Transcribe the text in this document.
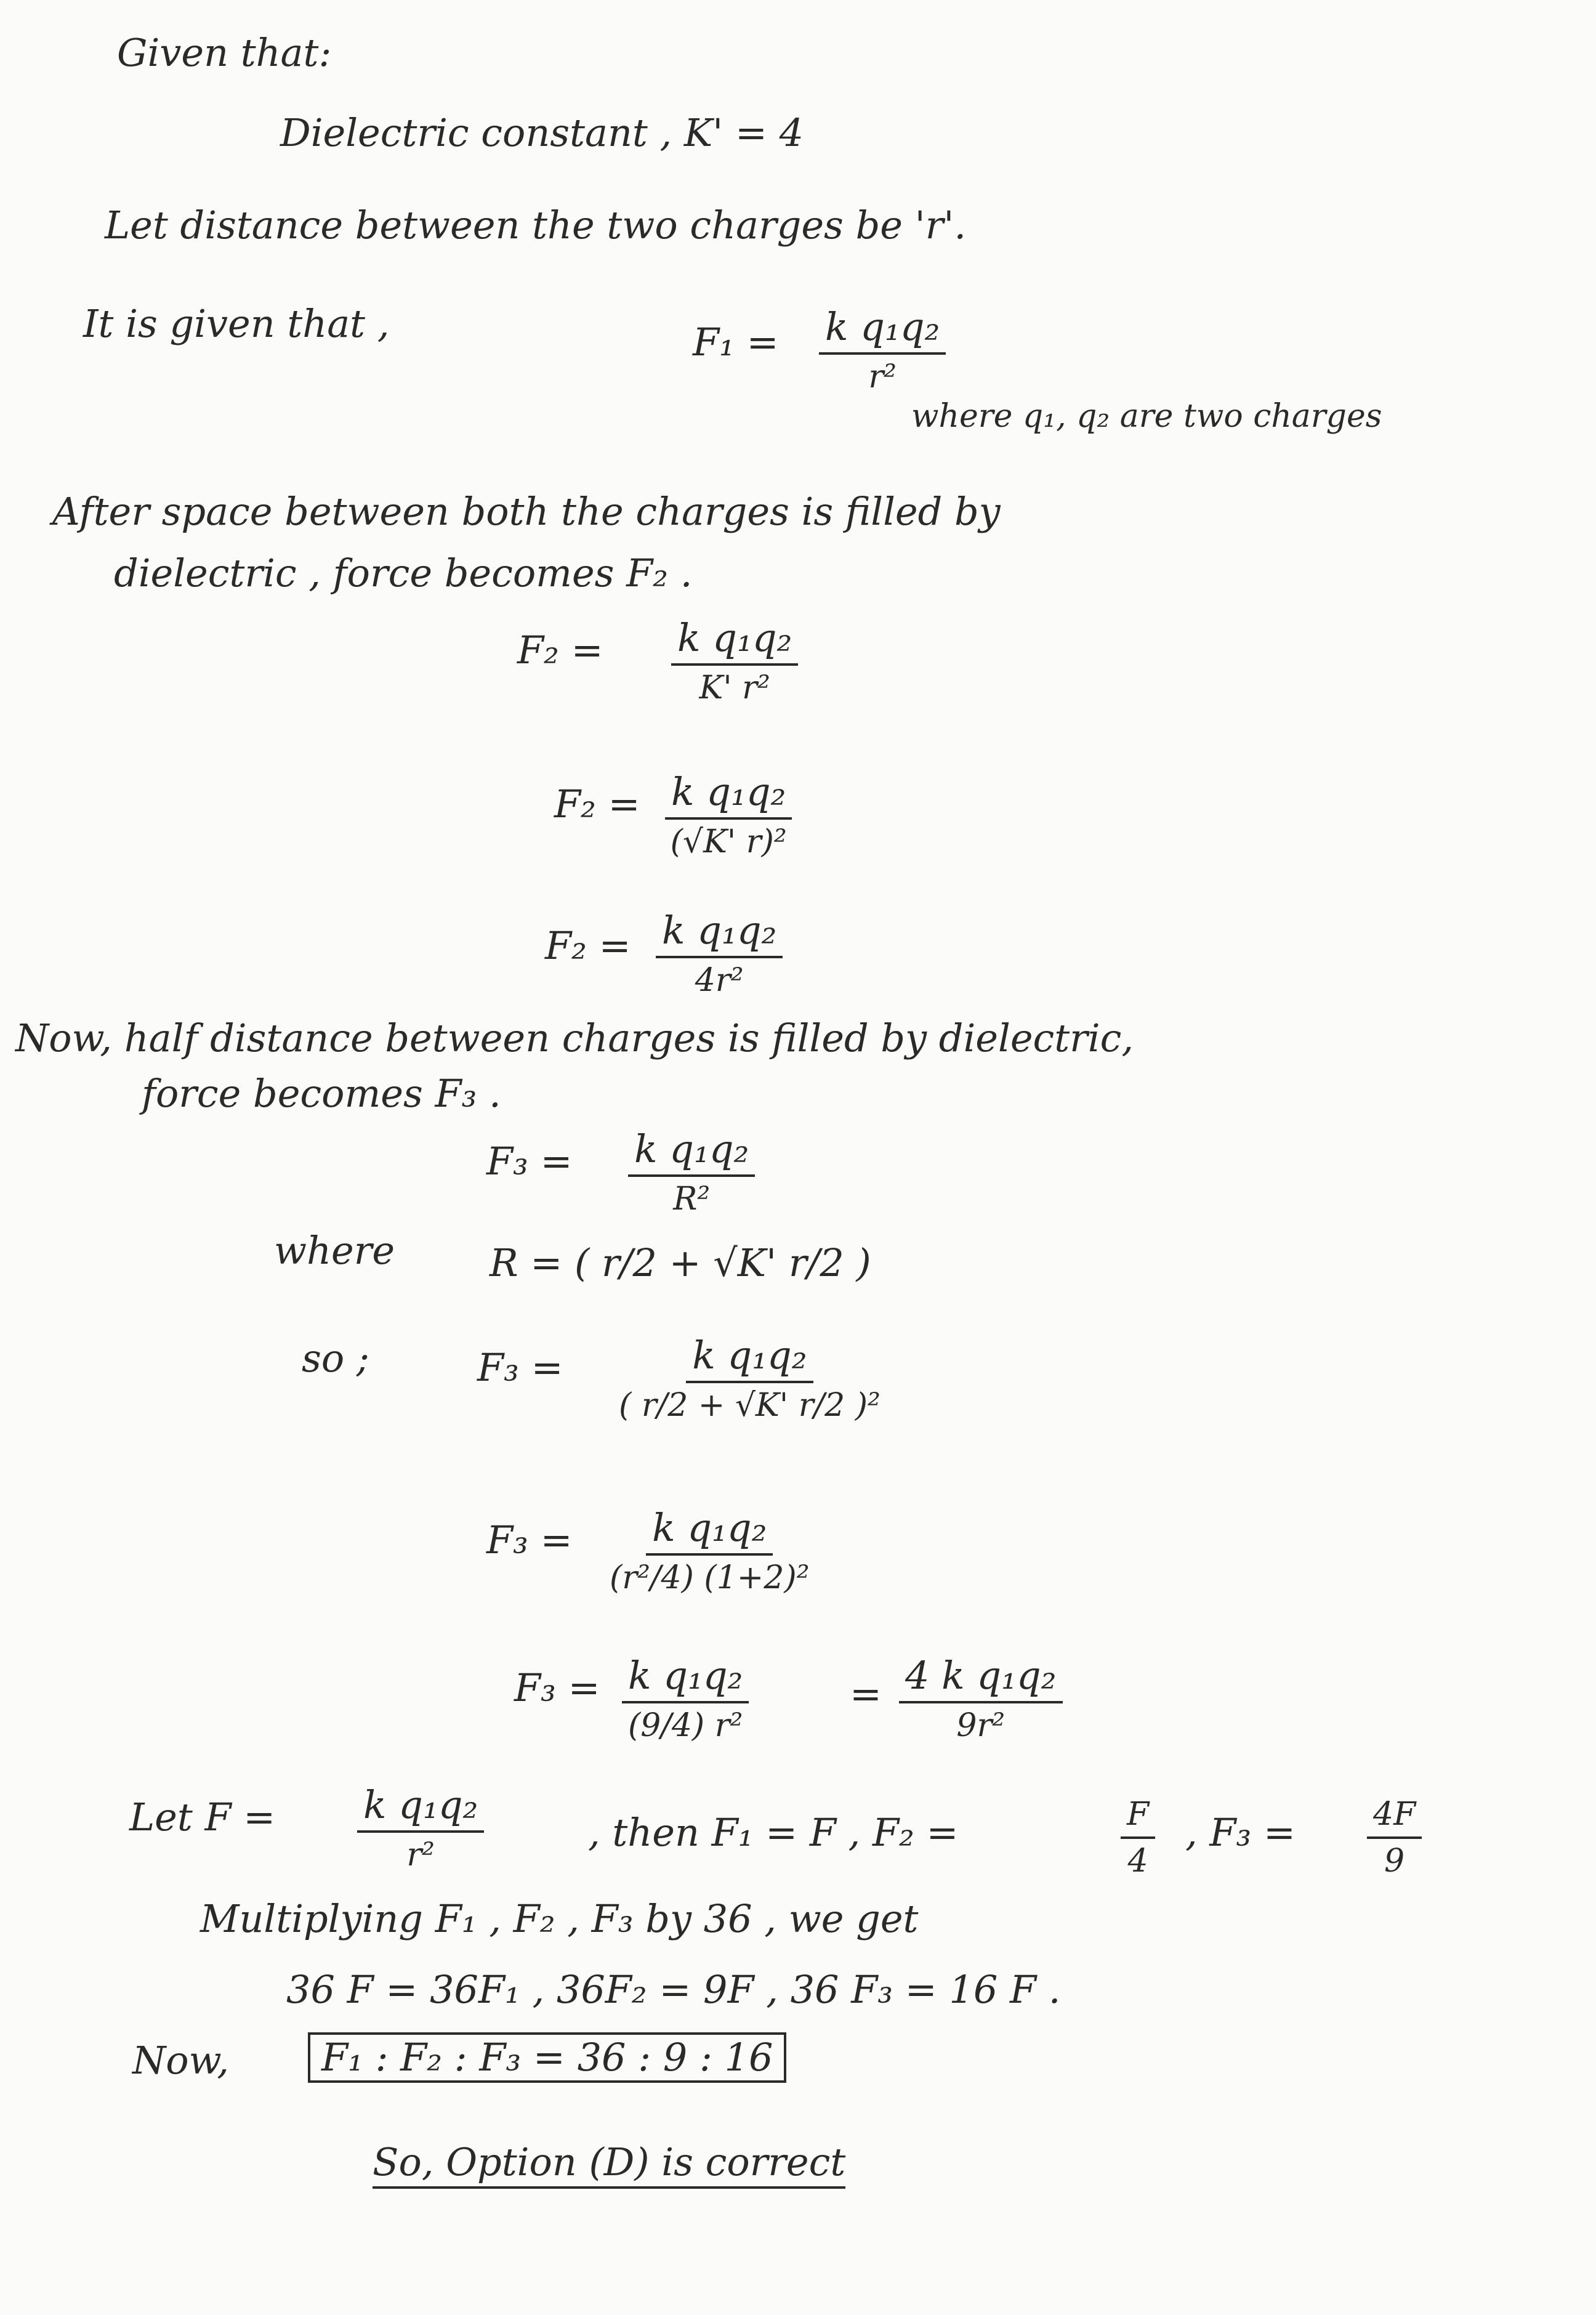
Given that:
Dielectric constant , K' = 4
Let distance between the two charges be 'r'.
It is given that ,	F₁ = k q₁q₂
r²
where q₁, q₂ are two charges
After space between both the charges is filled by
dielectric , force becomes F₂ .
F₂ = k q₁q₂
K' r²
F₂ = k q₁q₂
(√K' r)²
F₂ = k q₁q₂
4r²
Now, half distance between charges is filled by dielectric,
force becomes F₃ .
F₃ = k q₁q₂
R²
where R = ( r/2 + √K' r/2 )
so ;	F₃ =	k q₁q₂
( r/2 + √K' r/2 )²
F₃ = k q₁q₂
(r²/4) (1+2)²
F₃ = k q₁q₂
(9/4) r²
= 4 k q₁q₂
9r²
Let F = k q₁q₂
r²	, then F₁ = F , F₂ =	$\frac{F}{4}$ , $F_3 = \frac{4F}{9}$
Multiplying F₁ , F₂ , F₃ by 36 , we get
36 F = 36F₁ , 36F₂ = 9F , 36 F₃ = 16 F .
Now,	F₁ : F₂ : F₃ = 36 : 9 : 16
So, Option (D) is correct
